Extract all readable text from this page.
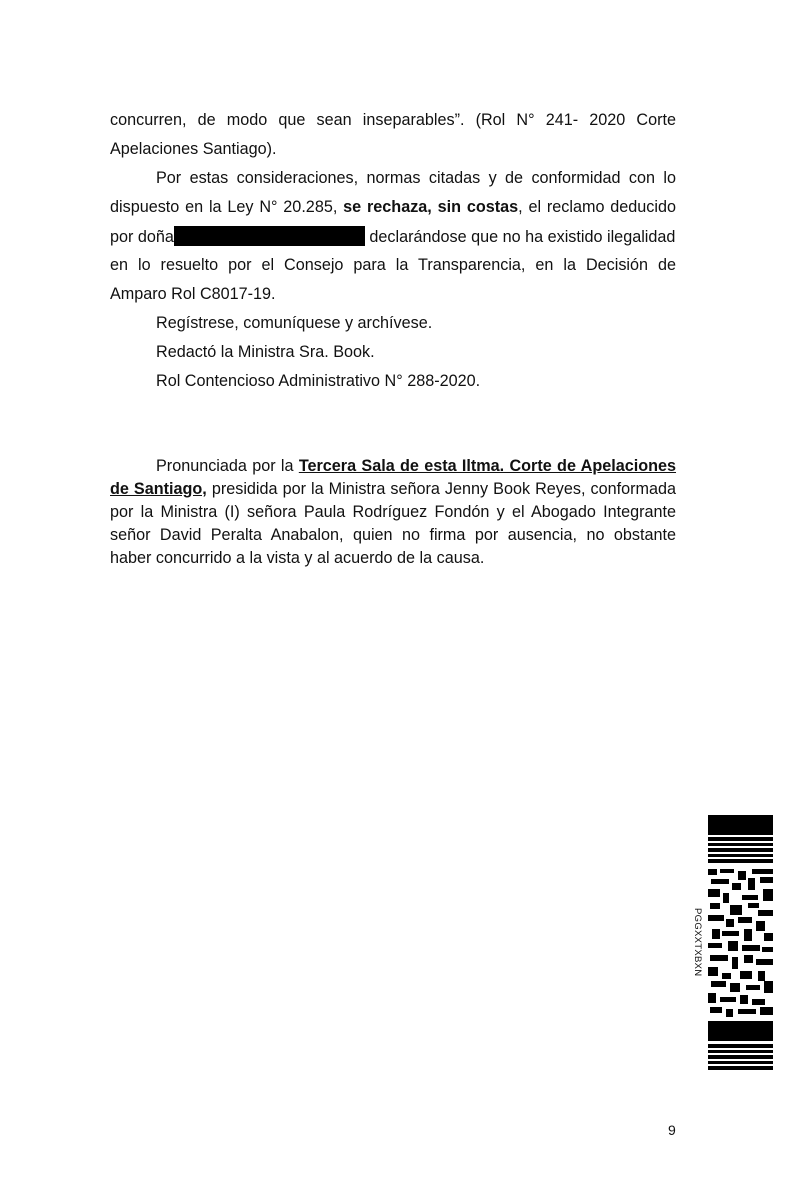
concurren, de modo que sean inseparables”. (Rol N° 241- 2020 Corte
Apelaciones Santiago).
Por estas consideraciones, normas citadas y de conformidad con lo
dispuesto en la Ley N° 20.285, se rechaza, sin costas, el reclamo deducido
por doña	declarándose que no ha existido ilegalidad
en lo resuelto por el Consejo para la Transparencia, en la Decisión de
Amparo Rol C8017-19.
Regístrese, comuníquese y archívese.
Redactó la Ministra Sra. Book.
Rol Contencioso Administrativo N° 288-2020.
Pronunciada por la Tercera Sala de esta Iltma. Corte de Apelaciones
de Santiago, presidida por la Ministra señora Jenny Book Reyes, conformada
por la Ministra (I) señora Paula Rodríguez Fondón y el Abogado Integrante
señor David Peralta Anabalon, quien no firma por ausencia, no obstante
haber concurrido a la vista y al acuerdo de la causa.
PGGXXTXBXN
9
